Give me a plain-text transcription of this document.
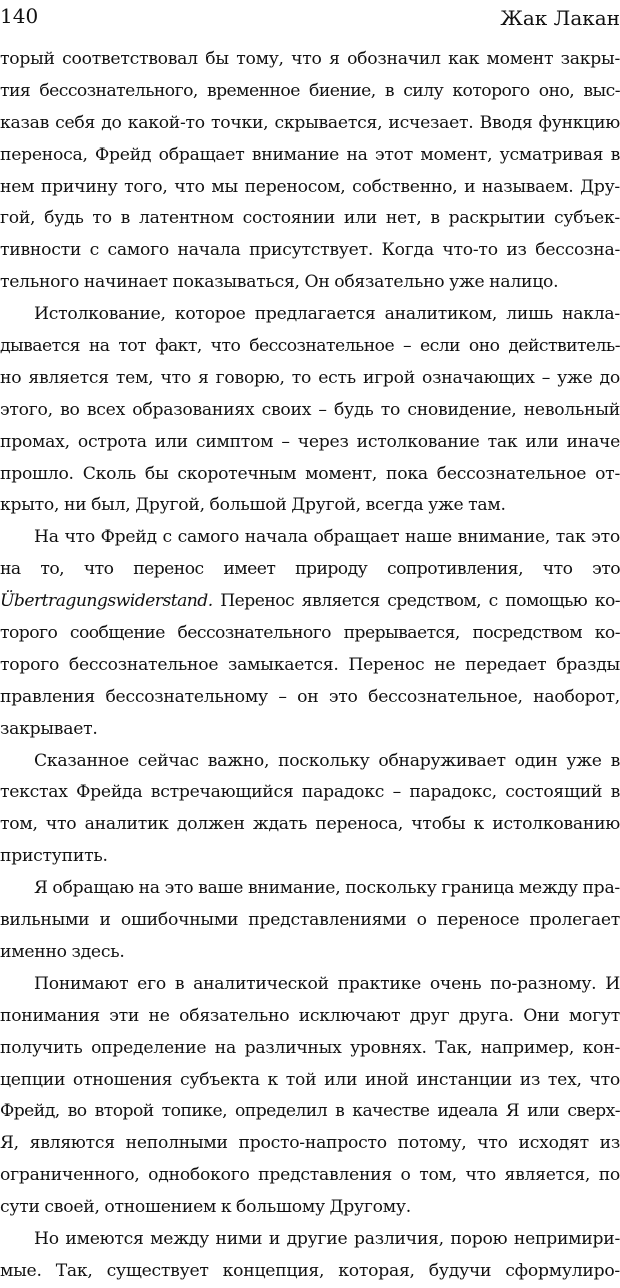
140	Жак Лакан
торый соответствовал бы тому, что я обозначил как момент закры-
тия бессознательного, временное биение, в силу которого оно, выс-
казав себя до какой-то точки, скрывается, исчезает. Вводя функцию
переноса, Фрейд обращает внимание на этот момент, усматривая в
нем причину того, что мы переносом, собственно, и называем. Дру-
гой, будь то в латентном состоянии или нет, в раскрытии субъек-
тивности с самого начала присутствует. Когда что-то из бессозна-
тельного начинает показываться, Он обязательно уже налицо.
Истолкование, которое предлагается аналитиком, лишь накла-
дывается на тот факт, что бессознательное – если оно действитель-
но является тем, что я говорю, то есть игрой означающих – уже до
этого, во всех образованиях своих – будь то сновидение, невольный
промах, острота или симптом – через истолкование так или иначе
прошло. Сколь бы скоротечным момент, пока бессознательное от-
крыто, ни был, Другой, большой Другой, всегда уже там.
На что Фрейд с самого начала обращает наше внимание, так это
на то, что перенос имеет природу сопротивления, что это
Übertragungswiderstand. Перенос является средством, с помощью ко-
торого сообщение бессознательного прерывается, посредством ко-
торого бессознательное замыкается. Перенос не передает бразды
правления бессознательному – он это бессознательное, наоборот,
закрывает.
Сказанное сейчас важно, поскольку обнаруживает один уже в
текстах Фрейда встречающийся парадокс – парадокс, состоящий в
том, что аналитик должен ждать переноса, чтобы к истолкованию
приступить.
Я обращаю на это ваше внимание, поскольку граница между пра-
вильными и ошибочными представлениями о переносе пролегает
именно здесь.
Понимают его в аналитической практике очень по-разному. И
понимания эти не обязательно исключают друг друга. Они могут
получить определение на различных уровнях. Так, например, кон-
цепции отношения субъекта к той или иной инстанции из тех, что
Фрейд, во второй топике, определил в качестве идеала Я или сверх-
Я, являются неполными просто-напросто потому, что исходят из
ограниченного, однобокого представления о том, что является, по
сути своей, отношением к большому Другому.
Но имеются между ними и другие различия, порою непримири-
мые. Так, существует концепция, которая, будучи сформулиро-
